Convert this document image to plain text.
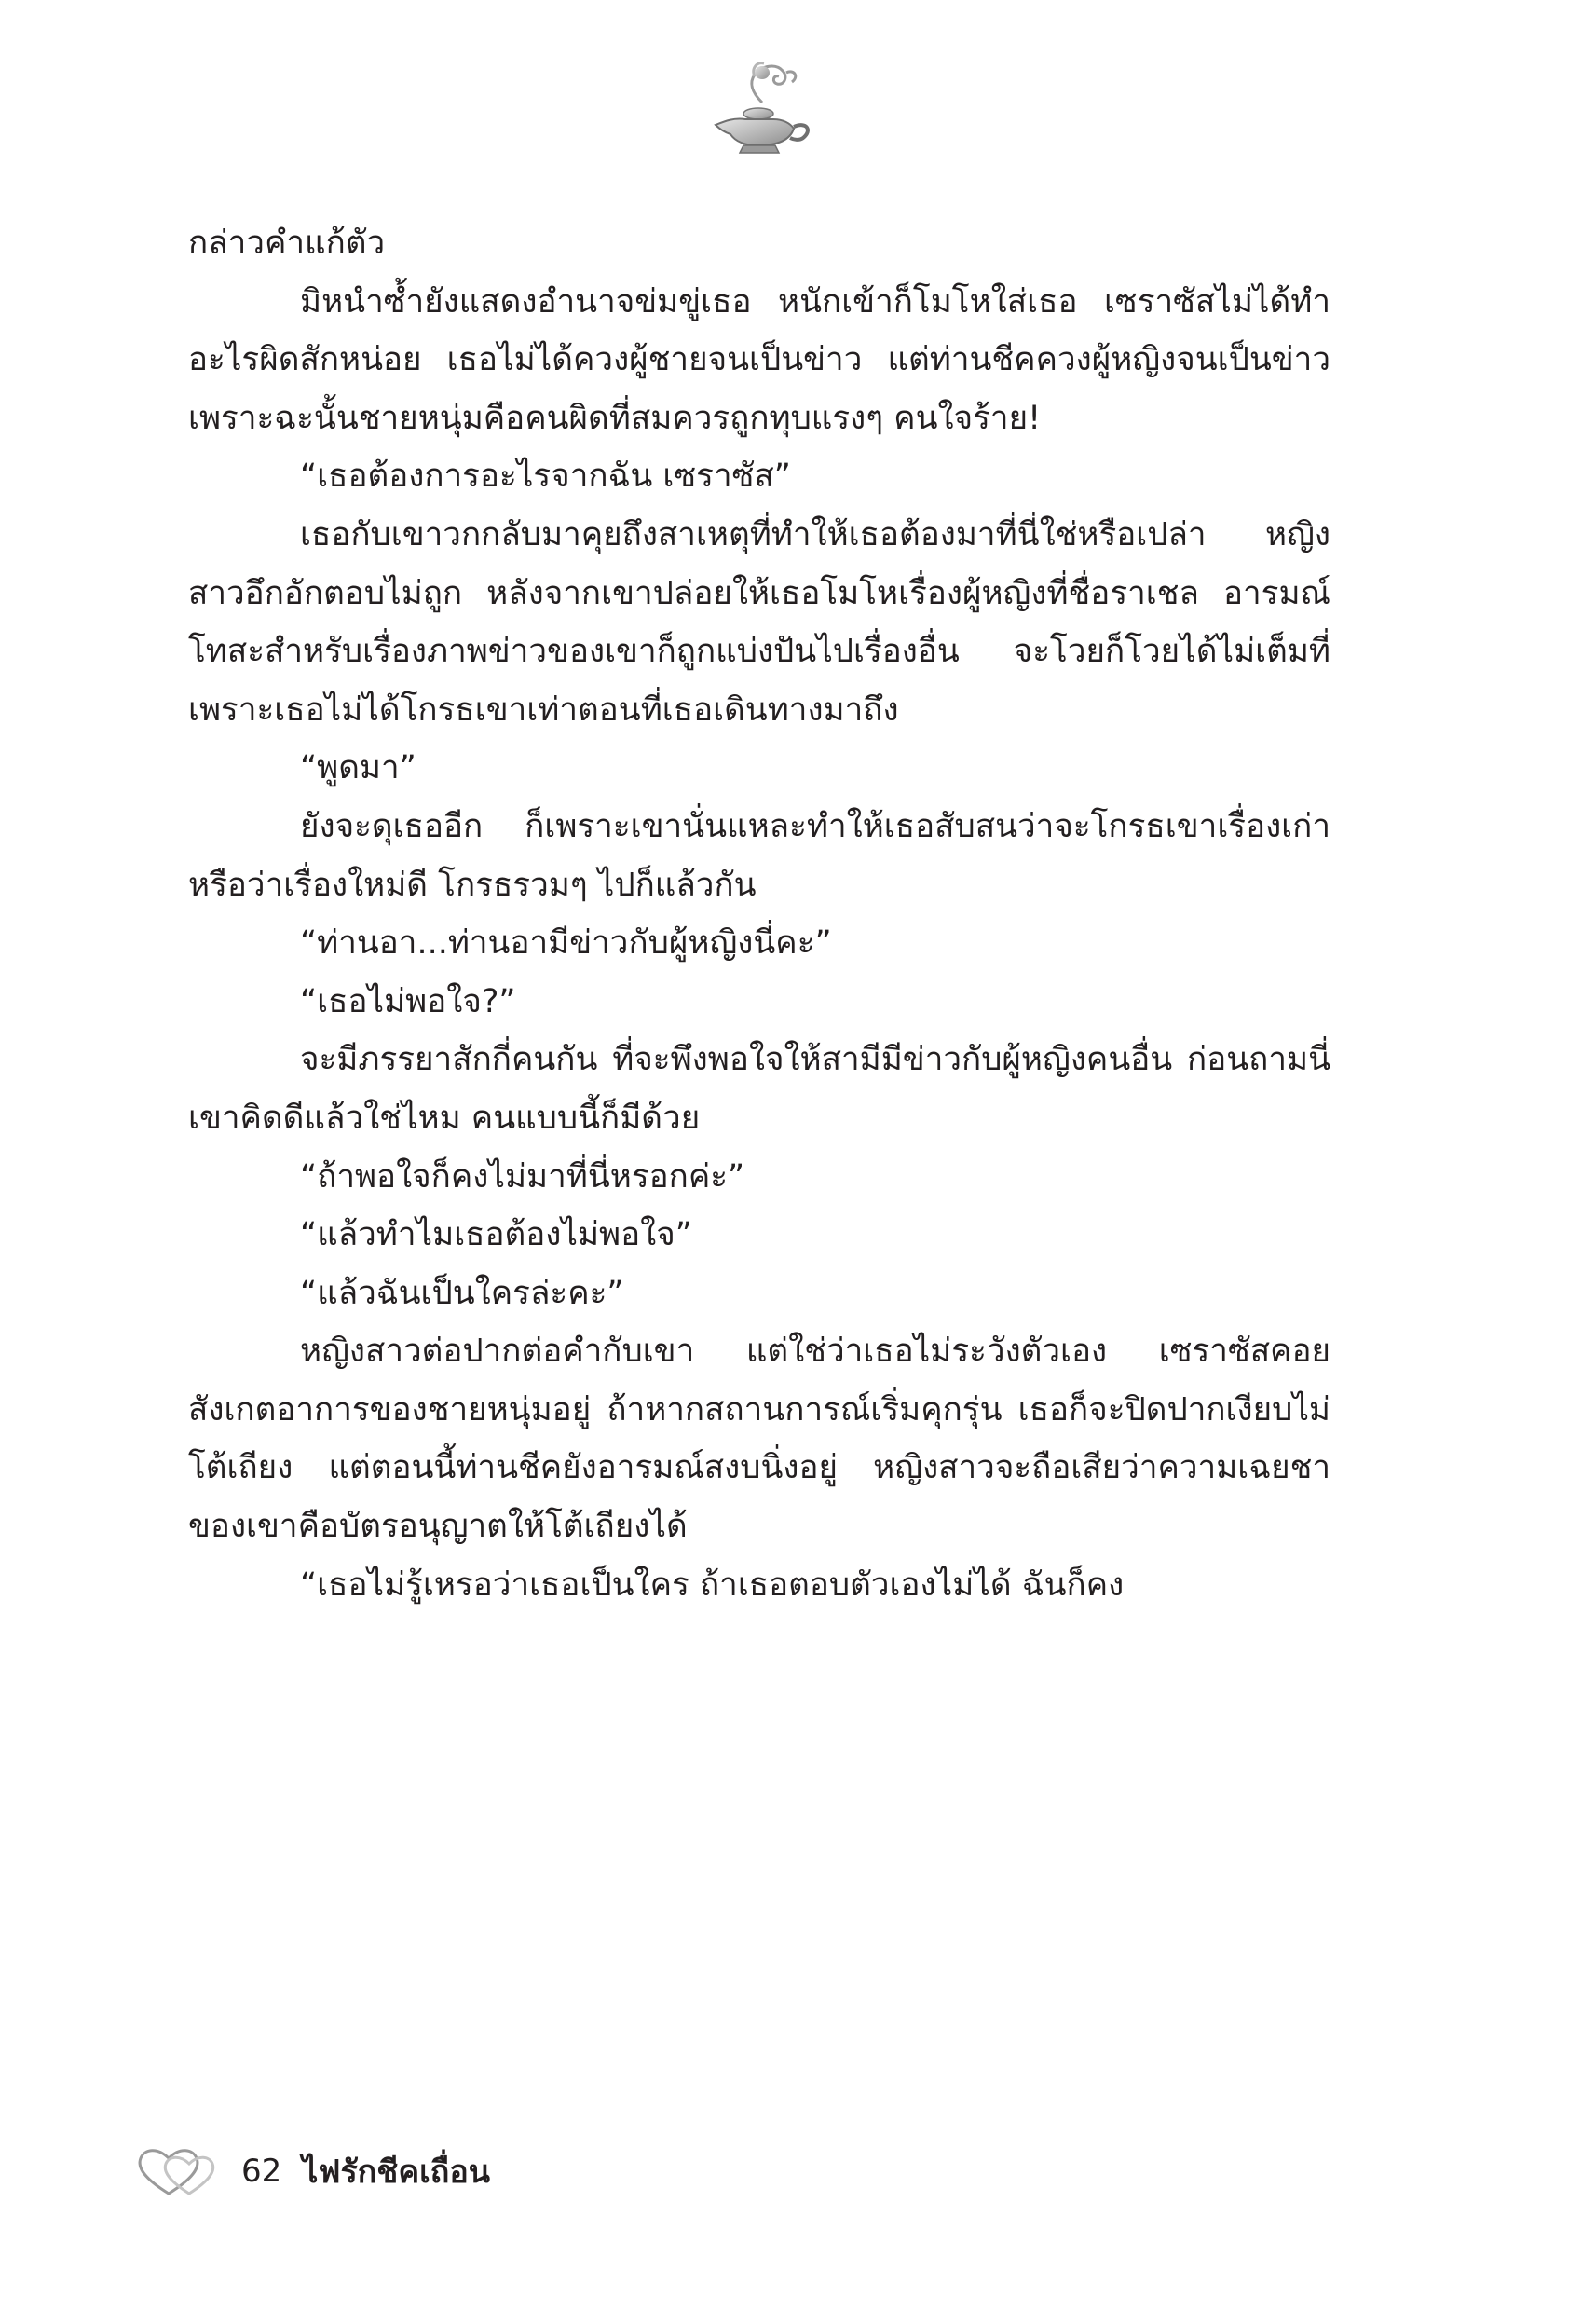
กล่าวคำแก้ตัว

มิหนำซ้ำยังแสดงอำนาจข่มขู่เธอ หนักเข้าก็โมโหใส่เธอ เซราซัสไม่ได้ทำอะไรผิดสักหน่อย เธอไม่ได้ควงผู้ชายจนเป็นข่าว แต่ท่านชีคควงผู้หญิงจนเป็นข่าว เพราะฉะนั้นชายหนุ่มคือคนผิดที่สมควรถูกทุบแรงๆ คนใจร้าย!

“เธอต้องการอะไรจากฉัน เซราซัส”

เธอกับเขาวกกลับมาคุยถึงสาเหตุที่ทำให้เธอต้องมาที่นี่ใช่หรือเปล่า หญิงสาวอึกอักตอบไม่ถูก หลังจากเขาปล่อยให้เธอโมโหเรื่องผู้หญิงที่ชื่อราเชล อารมณ์โทสะสำหรับเรื่องภาพข่าวของเขาก็ถูกแบ่งปันไปเรื่องอื่น จะโวยก็โวยได้ไม่เต็มที่ เพราะเธอไม่ได้โกรธเขาเท่าตอนที่เธอเดินทางมาถึง

“พูดมา”

ยังจะดุเธออีก ก็เพราะเขานั่นแหละทำให้เธอสับสนว่าจะโกรธเขาเรื่องเก่าหรือว่าเรื่องใหม่ดี โกรธรวมๆ ไปก็แล้วกัน

“ท่านอา...ท่านอามีข่าวกับผู้หญิงนี่คะ”

“เธอไม่พอใจ?”

จะมีภรรยาสักกี่คนกัน ที่จะพึงพอใจให้สามีมีข่าวกับผู้หญิงคนอื่น ก่อนถามนี่เขาคิดดีแล้วใช่ไหม คนแบบนี้ก็มีด้วย

“ถ้าพอใจก็คงไม่มาที่นี่หรอกค่ะ”

“แล้วทำไมเธอต้องไม่พอใจ”

“แล้วฉันเป็นใครล่ะคะ”

หญิงสาวต่อปากต่อคำกับเขา แต่ใช่ว่าเธอไม่ระวังตัวเอง เซราซัสคอยสังเกตอาการของชายหนุ่มอยู่ ถ้าหากสถานการณ์เริ่มคุกรุ่น เธอก็จะปิดปากเงียบไม่โต้เถียง แต่ตอนนี้ท่านชีคยังอารมณ์สงบนิ่งอยู่ หญิงสาวจะถือเสียว่าความเฉยชาของเขาคือบัตรอนุญาตให้โต้เถียงได้

“เธอไม่รู้เหรอว่าเธอเป็นใคร ถ้าเธอตอบตัวเองไม่ได้ ฉันก็คง

62 ไฟรักชีคเถื่อน
